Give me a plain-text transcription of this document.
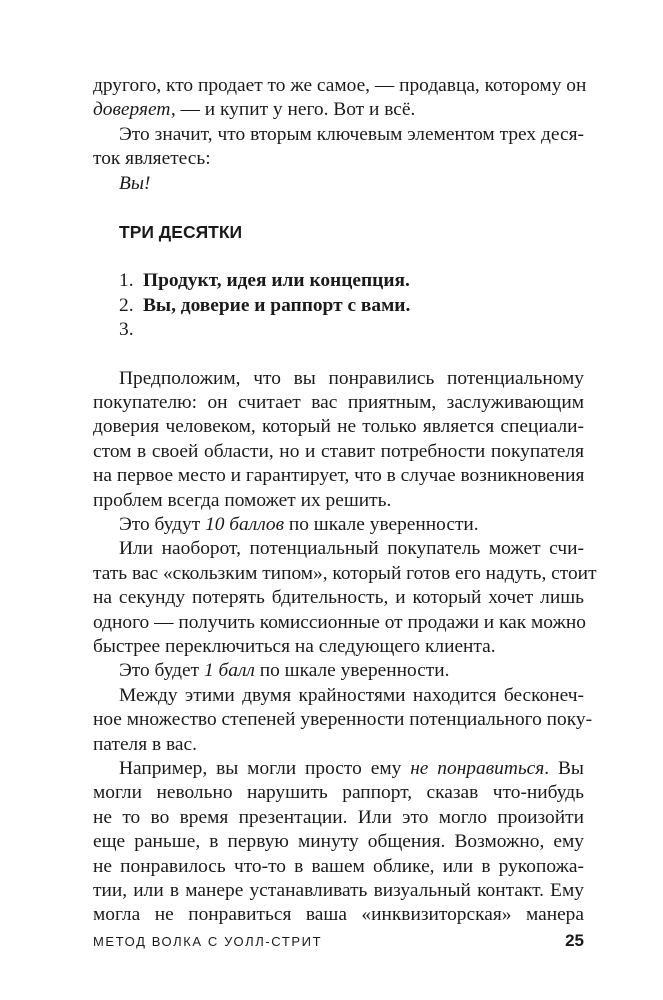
другого, кто продает то же самое, — продавца, которому он

доверяет, — и купит у него. Вот и всё.

Это значит, что вторым ключевым элементом трех деся-

ток являетесь:

Вы!

ТРИ ДЕСЯТКИ
1. Продукт, идея или концепция.
2. Вы, доверие и раппорт с вами.
3.

Предположим, что вы понравились потенциальному

покупателю: он считает вас приятным, заслуживающим

доверия человеком, который не только является специали-

стом в своей области, но и ставит потребности покупателя

на первое место и гарантирует, что в случае возникновения

проблем всегда поможет их решить.

Это будут 10 баллов по шкале уверенности.

Или наоборот, потенциальный покупатель может счи-

тать вас «скользким типом», который готов его надуть, стоит

на секунду потерять бдительность, и который хочет лишь

одного — получить комиссионные от продажи и как можно

быстрее переключиться на следующего клиента.

Это будет 1 балл по шкале уверенности.

Между этими двумя крайностями находится бесконеч-

ное множество степеней уверенности потенциального поку-

пателя в вас.

Например, вы могли просто ему не понравиться. Вы

могли невольно нарушить раппорт, сказав что-нибудь

не то во время презентации. Или это могло произойти

еще раньше, в первую минуту общения. Возможно, ему

не понравилось что-то в вашем облике, или в рукопожа-

тии, или в манере устанавливать визуальный контакт. Ему

могла не понравиться ваша «инквизиторская» манера

МЕТОД ВОЛКА С УОЛЛ-СТРИТ	25
